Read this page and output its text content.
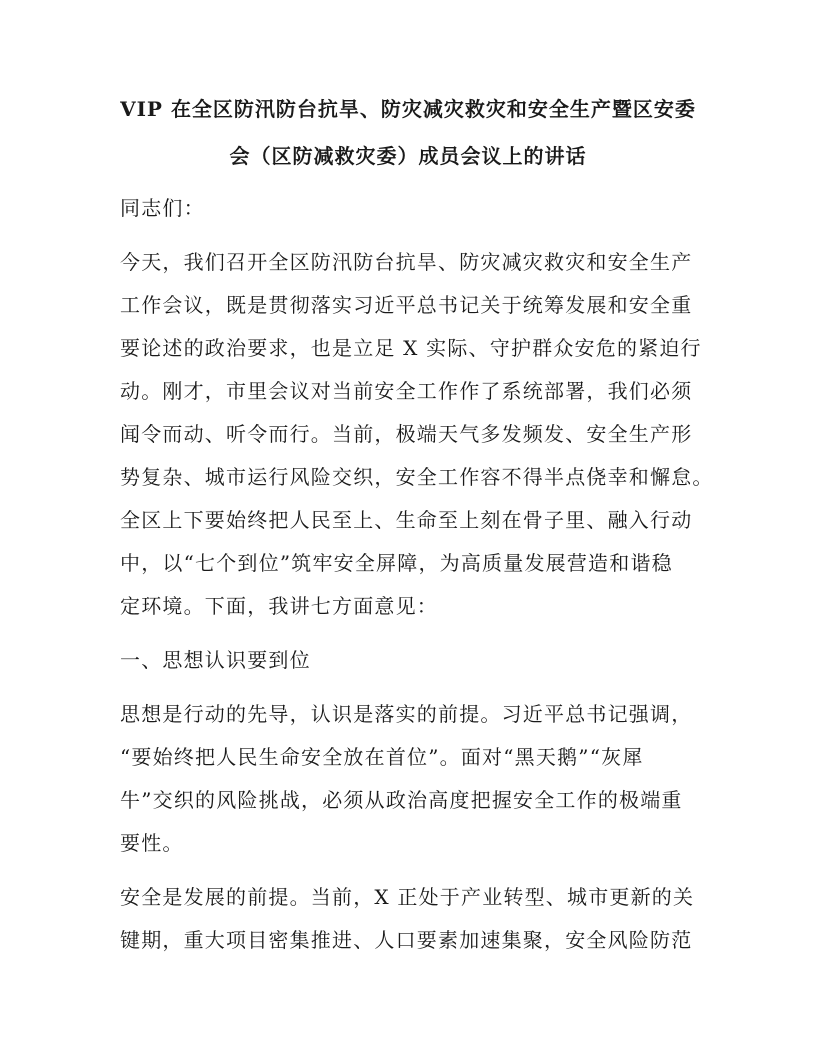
VIP 在全区防汛防台抗旱、防灾减灾救灾和安全生产暨区安委
会（区防减救灾委）成员会议上的讲话
同志们：
今天，我们召开全区防汛防台抗旱、防灾减灾救灾和安全生产
工作会议，既是贯彻落实习近平总书记关于统筹发展和安全重
要论述的政治要求，也是立足 X 实际、守护群众安危的紧迫行
动。刚才，市里会议对当前安全工作作了系统部署，我们必须
闻令而动、听令而行。当前，极端天气多发频发、安全生产形
势复杂、城市运行风险交织，安全工作容不得半点侥幸和懈怠。
全区上下要始终把人民至上、生命至上刻在骨子里、融入行动
中，以“七个到位”筑牢安全屏障，为高质量发展营造和谐稳
定环境。下面，我讲七方面意见：
一、思想认识要到位
思想是行动的先导，认识是落实的前提。习近平总书记强调，
“要始终把人民生命安全放在首位”。面对“黑天鹅”“灰犀
牛”交织的风险挑战，必须从政治高度把握安全工作的极端重
要性。
安全是发展的前提。当前，X 正处于产业转型、城市更新的关
键期，重大项目密集推进、人口要素加速集聚，安全风险防范
